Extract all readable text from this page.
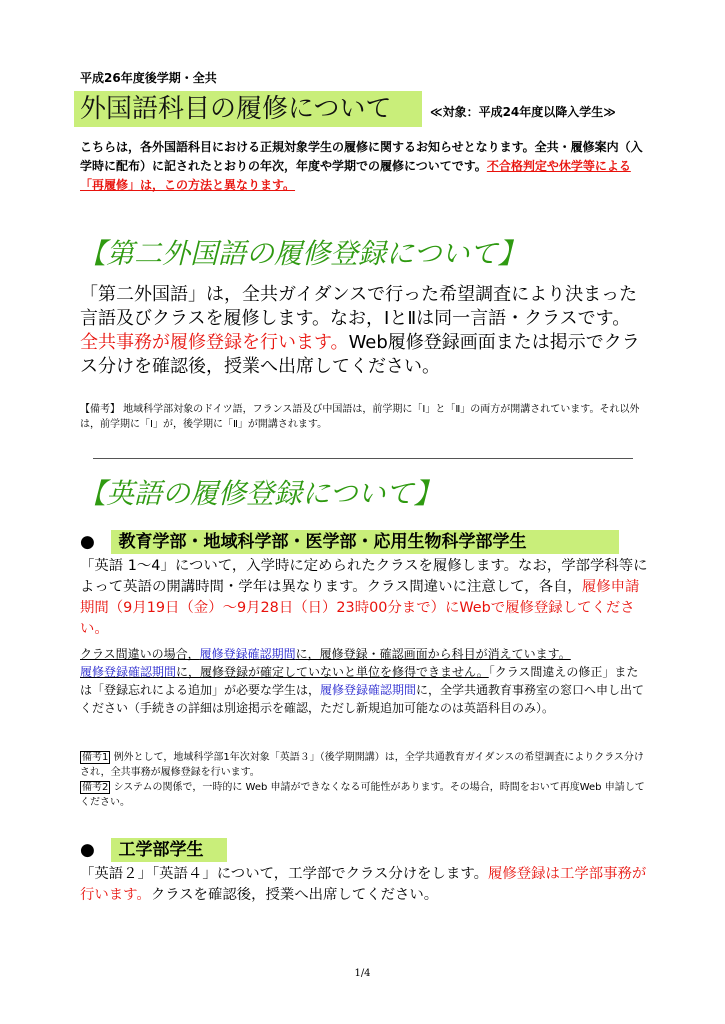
平成26年度後学期・全共
外国語科目の履修について	≪対象：平成24年度以降入学生≫
こちらは，各外国語科目における正規対象学生の履修に関するお知らせとなります。全共・履修案内（入学時に配布）に記されたとおりの年次，年度や学期での履修についてです。不合格判定や休学等による「再履修」は，この方法と異なります。
【第二外国語の履修登録について】
「第二外国語」は，全共ガイダンスで行った希望調査により決まった言語及びクラスを履修します。なお，ⅠとⅡは同一言語・クラスです。
全共事務が履修登録を行います。Web履修登録画面または掲示でクラス分けを確認後，授業へ出席してください。
【備考】 地域科学部対象のドイツ語，フランス語及び中国語は，前学期に「Ⅰ」と「Ⅱ」の両方が開講されています。それ以外は，前学期に「Ⅰ」が，後学期に「Ⅱ」が開講されます。
【英語の履修登録について】
● 教育学部・地域科学部・医学部・応用生物科学部学生
「英語 1～4」について，入学時に定められたクラスを履修します。なお，学部学科等によって英語の開講時間・学年は異なります。クラス間違いに注意して，各自，履修申請期間（9月19日（金）～9月28日（日）23時00分まで）にWebで履修登録してください。
クラス間違いの場合，履修登録確認期間に，履修登録・確認画面から科目が消えています。
履修登録確認期間に，履修登録が確定していないと単位を修得できません。「クラス間違えの修正」または「登録忘れによる追加」が必要な学生は，履修登録確認期間に，全学共通教育事務室の窓口へ申し出てください（手続きの詳細は別途掲示を確認，ただし新規追加可能なのは英語科目のみ）。
備考1 例外として，地域科学部1年次対象「英語３」（後学期開講）は，全学共通教育ガイダンスの希望調査によりクラス分けされ，全共事務が履修登録を行います。
備考2 システムの関係で，一時的に Web 申請ができなくなる可能性があります。その場合，時間をおいて再度Web 申請してください。
● 工学部学生
「英語２」「英語４」について，工学部でクラス分けをします。履修登録は工学部事務が行います。クラスを確認後，授業へ出席してください。
1/4
